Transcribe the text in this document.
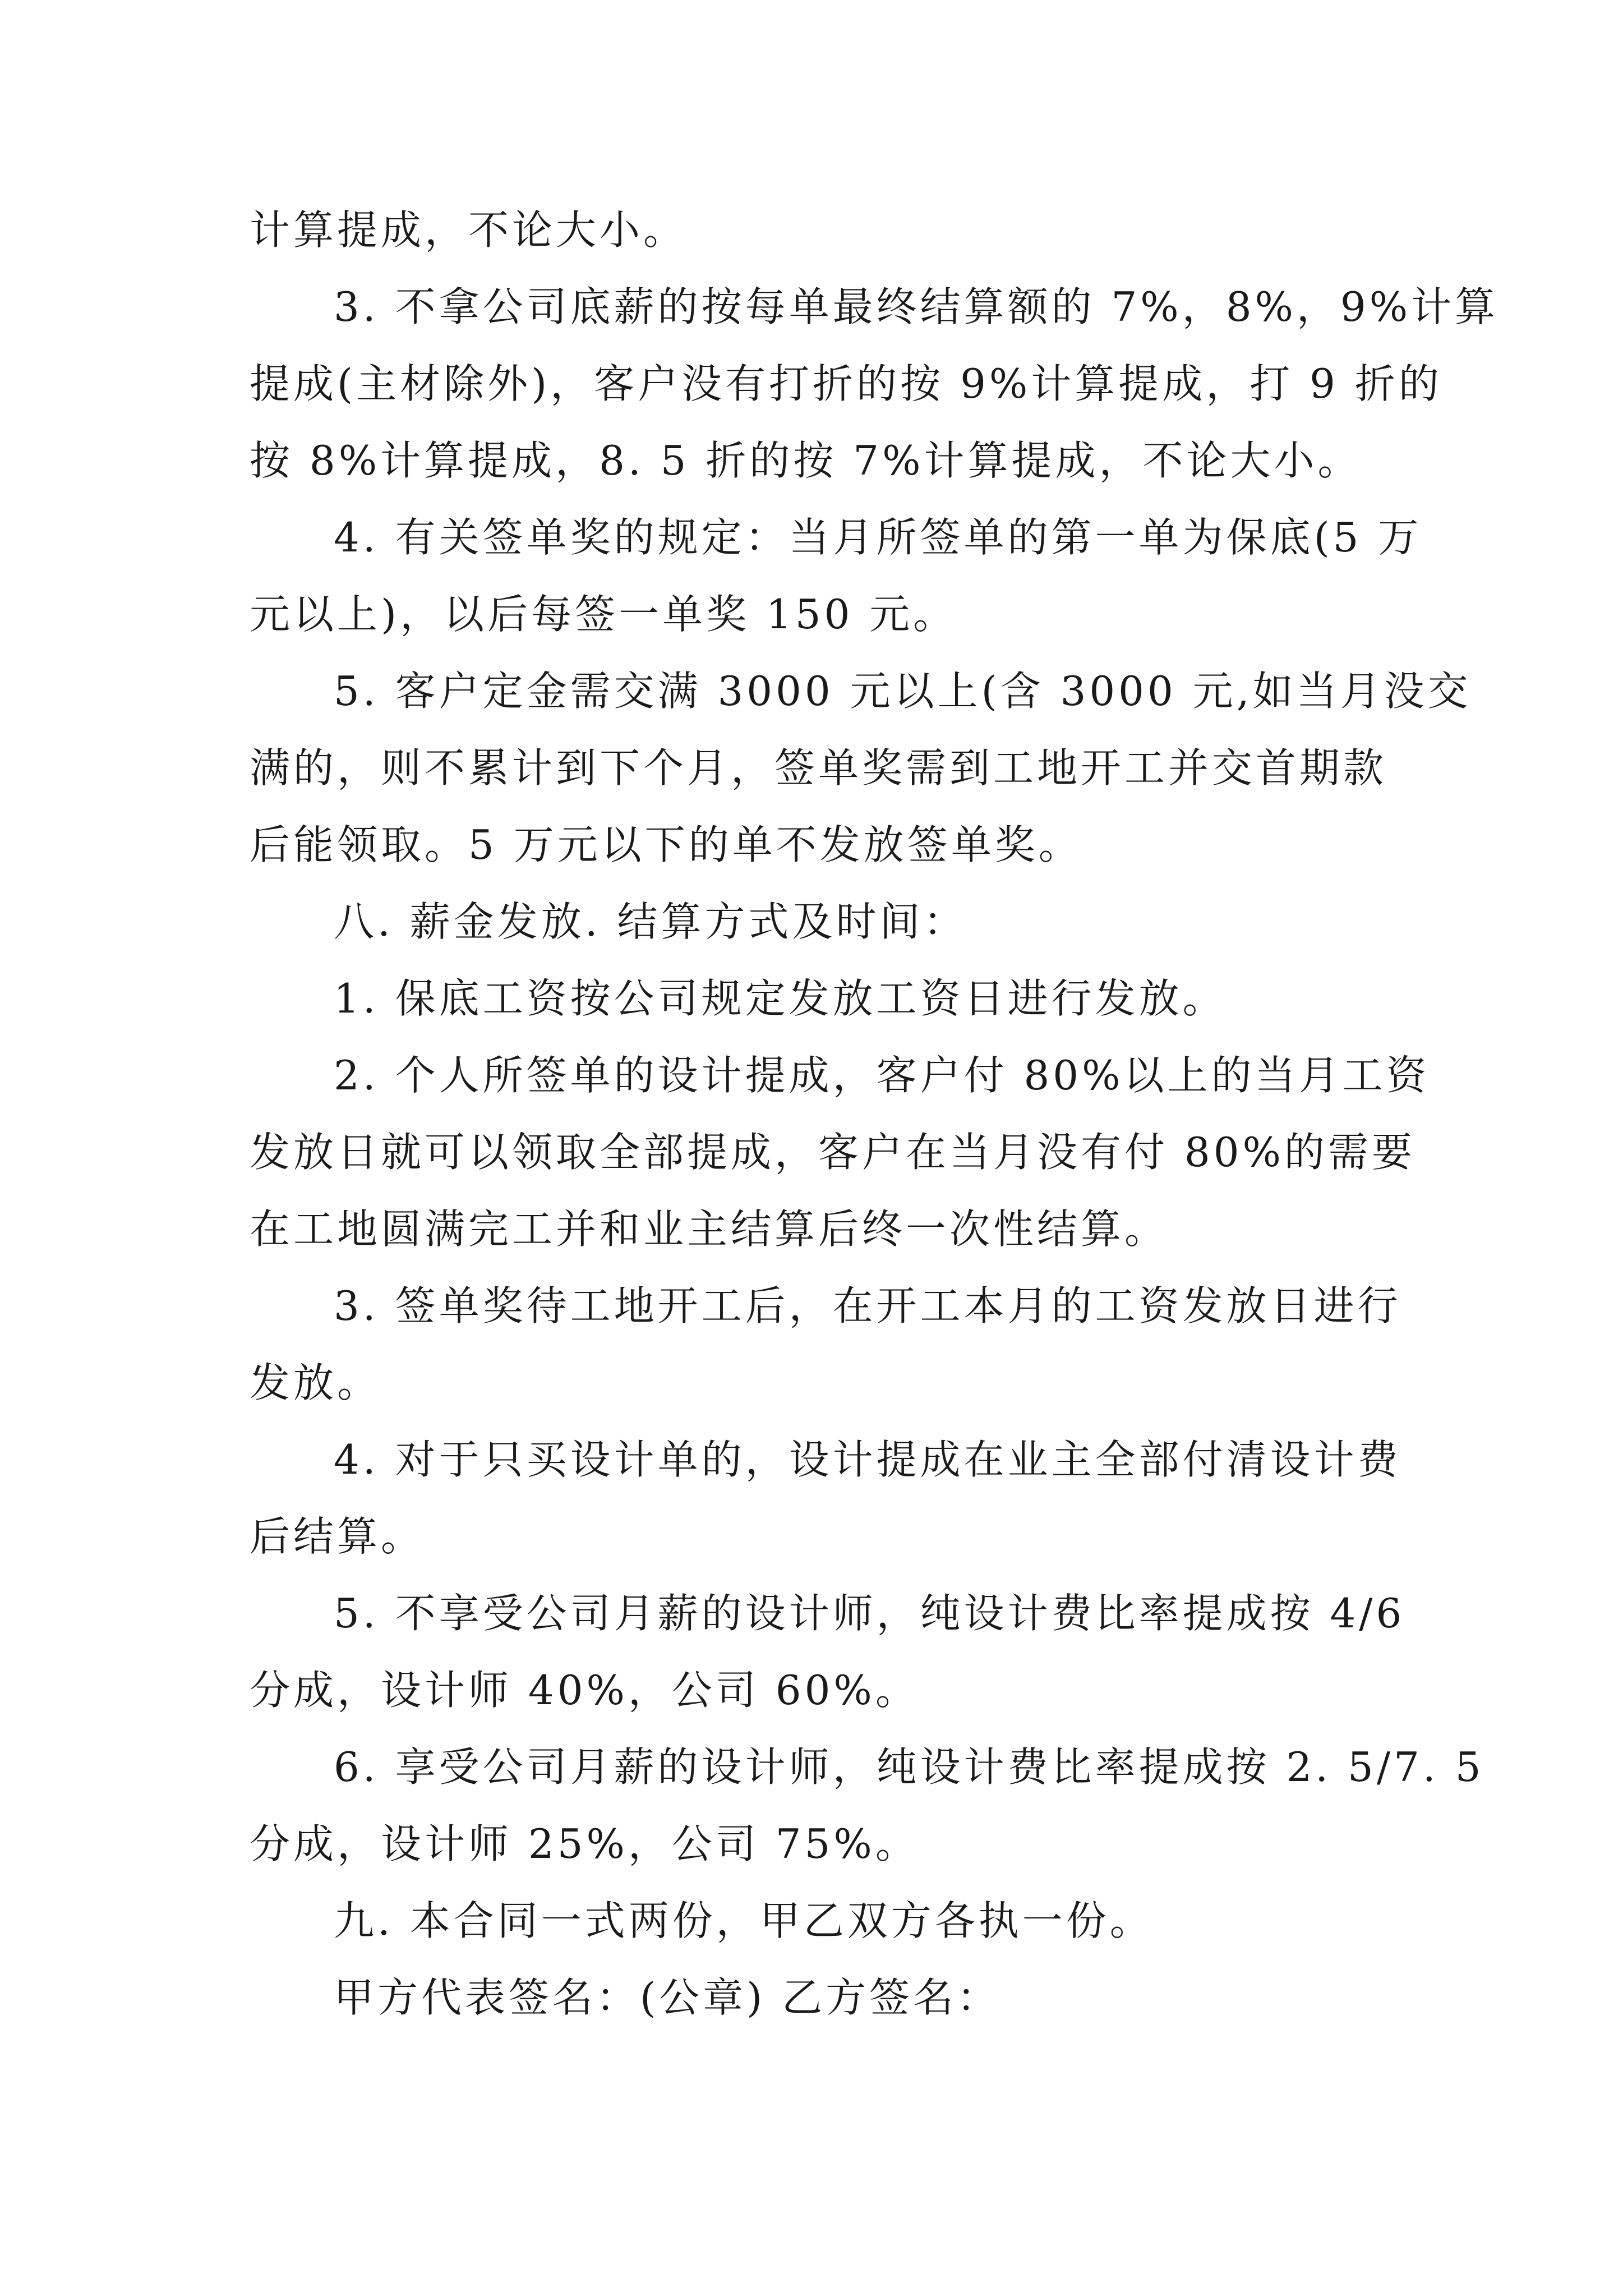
计算提成，不论大小。
3. 不拿公司底薪的按每单最终结算额的 7%，8%，9%计算
提成(主材除外)，客户没有打折的按 9%计算提成，打 9 折的
按 8%计算提成，8. 5 折的按 7%计算提成，不论大小。
4. 有关签单奖的规定：当月所签单的第一单为保底(5 万
元以上)，以后每签一单奖 150 元。
5. 客户定金需交满 3000 元以上(含 3000 元,如当月没交
满的，则不累计到下个月，签单奖需到工地开工并交首期款
后能领取。5 万元以下的单不发放签单奖。
八. 薪金发放. 结算方式及时间：
1. 保底工资按公司规定发放工资日进行发放。
2. 个人所签单的设计提成，客户付 80%以上的当月工资
发放日就可以领取全部提成，客户在当月没有付 80%的需要
在工地圆满完工并和业主结算后终一次性结算。
3. 签单奖待工地开工后，在开工本月的工资发放日进行
发放。
4. 对于只买设计单的，设计提成在业主全部付清设计费
后结算。
5. 不享受公司月薪的设计师，纯设计费比率提成按 4/6
分成，设计师 40%，公司 60%。
6. 享受公司月薪的设计师，纯设计费比率提成按 2. 5/7. 5
分成，设计师 25%，公司 75%。
九. 本合同一式两份，甲乙双方各执一份。
甲方代表签名：(公章) 乙方签名：
